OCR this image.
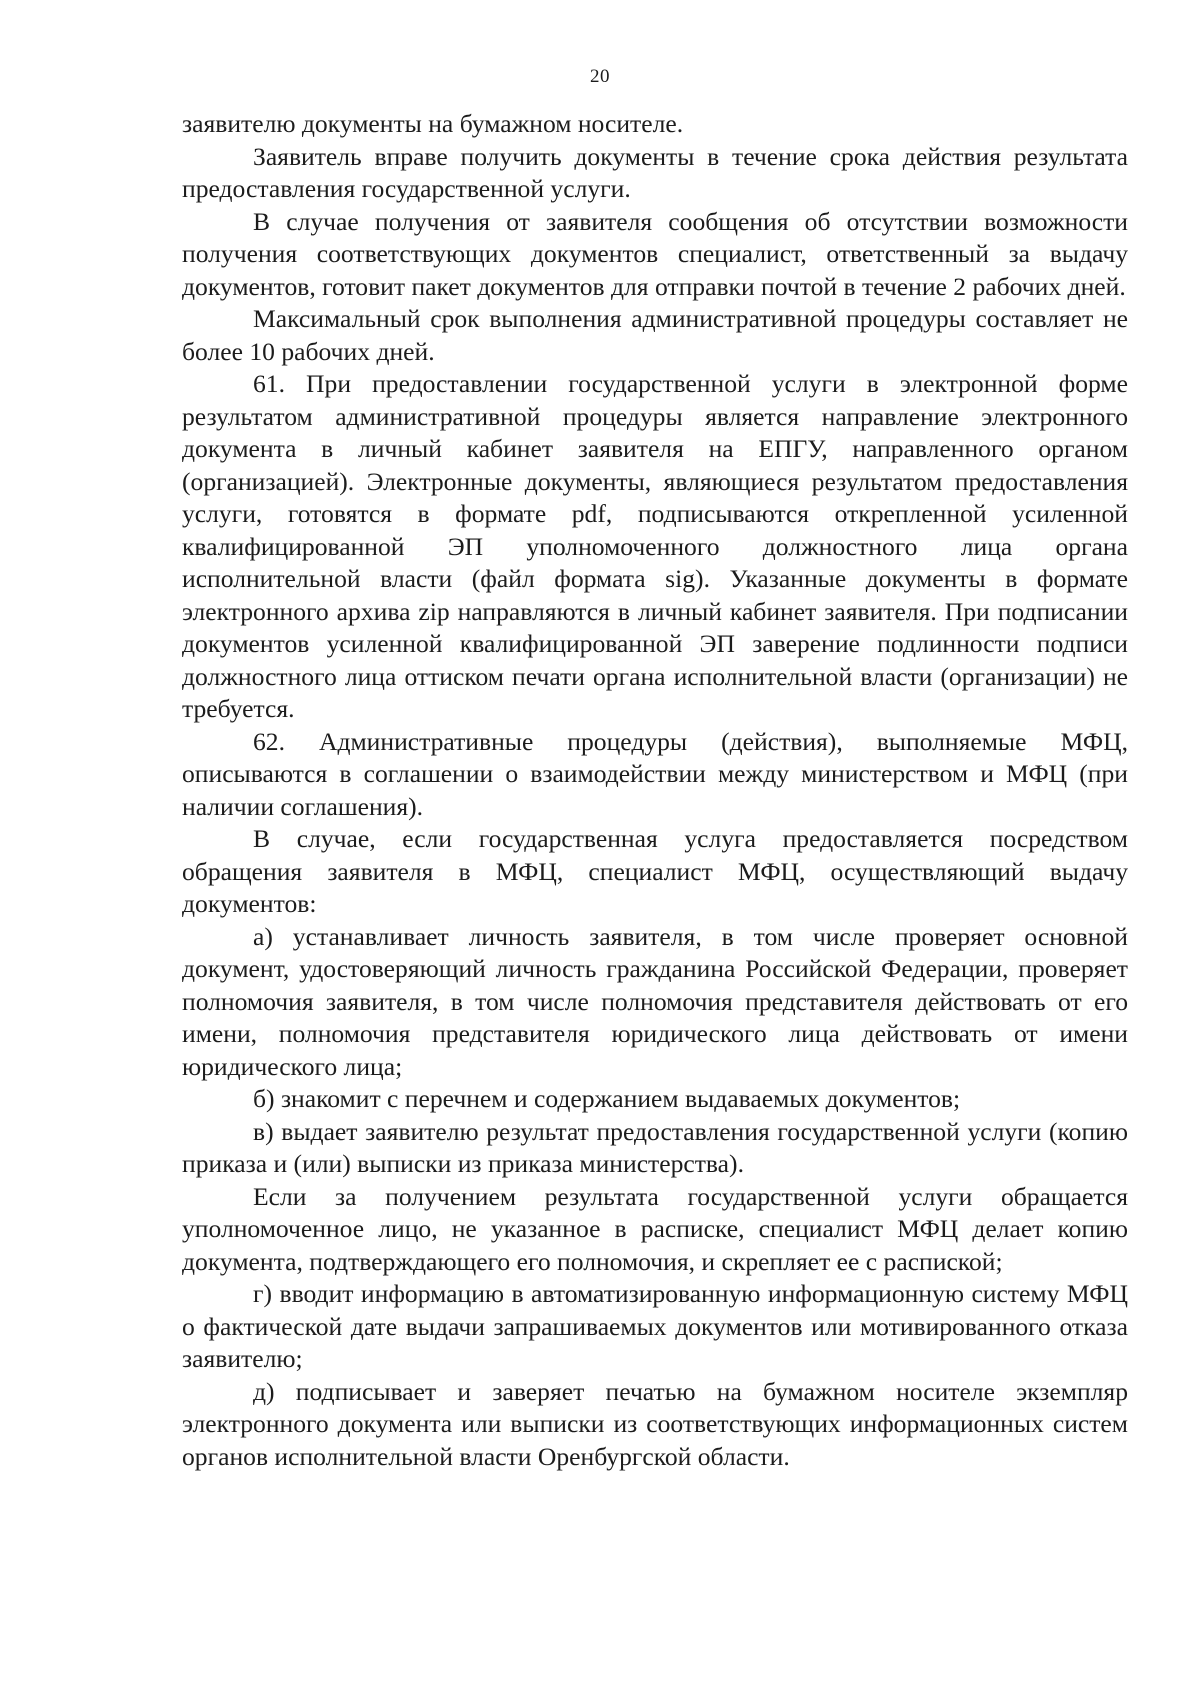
20

заявителю документы на бумажном носителе.

Заявитель вправе получить документы в течение срока действия результата предоставления государственной услуги.

В случае получения от заявителя сообщения об отсутствии возможности получения соответствующих документов специалист, ответственный за выдачу документов, готовит пакет документов для отправки почтой в течение 2 рабочих дней.

Максимальный срок выполнения административной процедуры составляет не более 10 рабочих дней.

61. При предоставлении государственной услуги в электронной форме результатом административной процедуры является направление электронного документа в личный кабинет заявителя на ЕПГУ, направленного органом (организацией). Электронные документы, являющиеся результатом предоставления услуги, готовятся в формате pdf, подписываются открепленной усиленной квалифицированной ЭП уполномоченного должностного лица органа исполнительной власти (файл формата sig). Указанные документы в формате электронного архива zip направляются в личный кабинет заявителя. При подписании документов усиленной квалифицированной ЭП заверение подлинности подписи должностного лица оттиском печати органа исполнительной власти (организации) не требуется.

62. Административные процедуры (действия), выполняемые МФЦ, описываются в соглашении о взаимодействии между министерством и МФЦ (при наличии соглашения).

В случае, если государственная услуга предоставляется посредством обращения заявителя в МФЦ, специалист МФЦ, осуществляющий выдачу документов:

а) устанавливает личность заявителя, в том числе проверяет основной документ, удостоверяющий личность гражданина Российской Федерации, проверяет полномочия заявителя, в том числе полномочия представителя действовать от его имени, полномочия представителя юридического лица действовать от имени юридического лица;

б) знакомит с перечнем и содержанием выдаваемых документов;

в) выдает заявителю результат предоставления государственной услуги (копию приказа и (или) выписки из приказа министерства).

Если за получением результата государственной услуги обращается уполномоченное лицо, не указанное в расписке, специалист МФЦ делает копию документа, подтверждающего его полномочия, и скрепляет ее с распиской;

г) вводит информацию в автоматизированную информационную систему МФЦ о фактической дате выдачи запрашиваемых документов или мотивированного отказа заявителю;

д) подписывает и заверяет печатью на бумажном носителе экземпляр электронного документа или выписки из соответствующих информационных систем органов исполнительной власти Оренбургской области.
